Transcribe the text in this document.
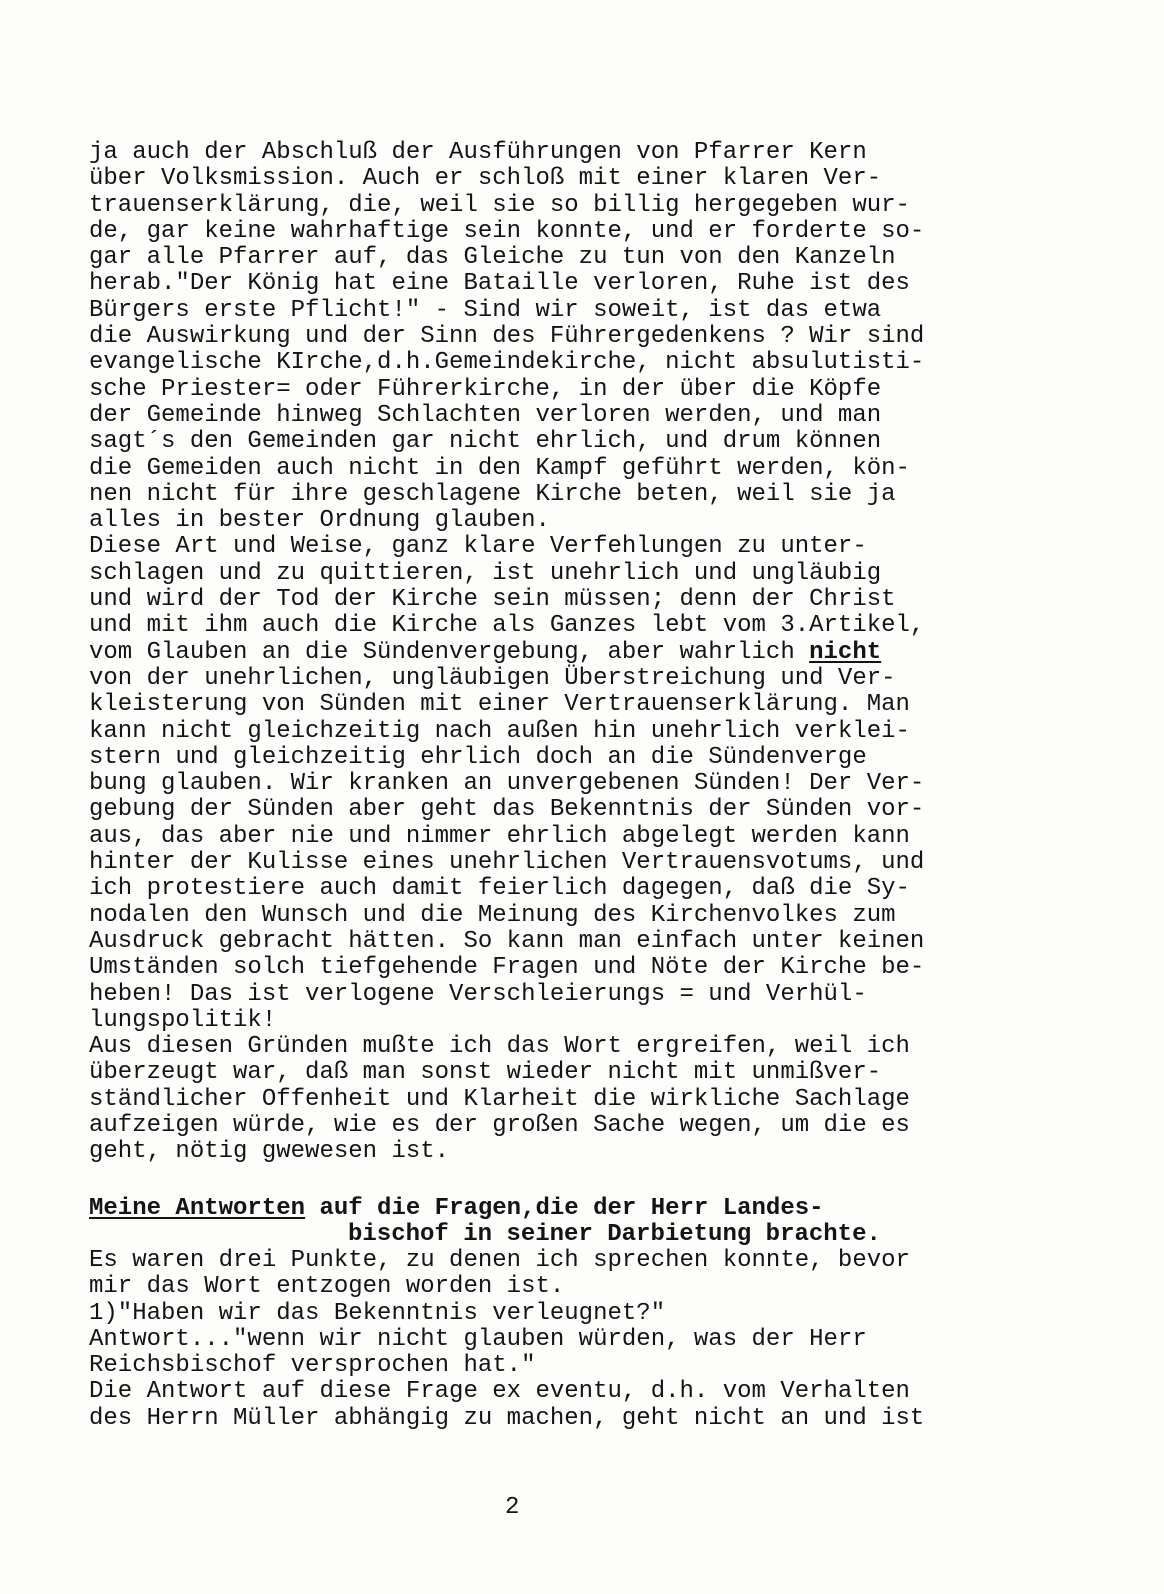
ja auch der Abschluß der Ausführungen von Pfarrer Kern
über Volksmission. Auch er schloß mit einer klaren Ver-
trauenserklärung, die, weil sie so billig hergegeben wur-
de, gar keine wahrhaftige sein konnte, und er forderte so-
gar alle Pfarrer auf, das Gleiche zu tun von den Kanzeln
herab."Der König hat eine Bataille verloren, Ruhe ist des
Bürgers erste Pflicht!" - Sind wir soweit, ist das etwa
die Auswirkung und der Sinn des Führergedenkens ? Wir sind
evangelische KIrche,d.h.Gemeindekirche, nicht absulutisti-
sche Priester= oder Führerkirche, in der über die Köpfe
der Gemeinde hinweg Schlachten verloren werden, und man
sagt´s den Gemeinden gar nicht ehrlich, und drum können
die Gemeiden auch nicht in den Kampf geführt werden, kön-
nen nicht für ihre geschlagene Kirche beten, weil sie ja
alles in bester Ordnung glauben.
Diese Art und Weise, ganz klare Verfehlungen zu unter-
schlagen und zu quittieren, ist unehrlich und ungläubig
und wird der Tod der Kirche sein müssen; denn der Christ
und mit ihm auch die Kirche als Ganzes lebt vom 3.Artikel,
vom Glauben an die Sündenvergebung, aber wahrlich nicht
von der unehrlichen, ungläubigen Überstreichung und Ver-
kleisterung von Sünden mit einer Vertrauenserklärung. Man
kann nicht gleichzeitig nach außen hin unehrlich verklei-
stern und gleichzeitig ehrlich doch an die Sündenverge
bung glauben. Wir kranken an unvergebenen Sünden! Der Ver-
gebung der Sünden aber geht das Bekenntnis der Sünden vor-
aus, das aber nie und nimmer ehrlich abgelegt werden kann
hinter der Kulisse eines unehrlichen Vertrauensvotums, und
ich protestiere auch damit feierlich dagegen, daß die Sy-
nodalen den Wunsch und die Meinung des Kirchenvolkes zum
Ausdruck gebracht hätten. So kann man einfach unter keinen
Umständen solch tiefgehende Fragen und Nöte der Kirche be-
heben! Das ist verlogene Verschleierungs = und Verhül-
lungspolitik!
Aus diesen Gründen mußte ich das Wort ergreifen, weil ich
überzeugt war, daß man sonst wieder nicht mit unmißver-
ständlicher Offenheit und Klarheit die wirkliche Sachlage
aufzeigen würde, wie es der großen Sache wegen, um die es
geht, nötig gwewesen ist.
Meine Antworten auf die Fragen,die der Herr Landes-
bischof in seiner Darbietung brachte.
Es waren drei Punkte, zu denen ich sprechen konnte, bevor
mir das Wort entzogen worden ist.
1)"Haben wir das Bekenntnis verleugnet?"
Antwort..."wenn wir nicht glauben würden, was der Herr
Reichsbischof versprochen hat."
Die Antwort auf diese Frage ex eventu, d.h. vom Verhalten
des Herrn Müller abhängig zu machen, geht nicht an und ist
2
